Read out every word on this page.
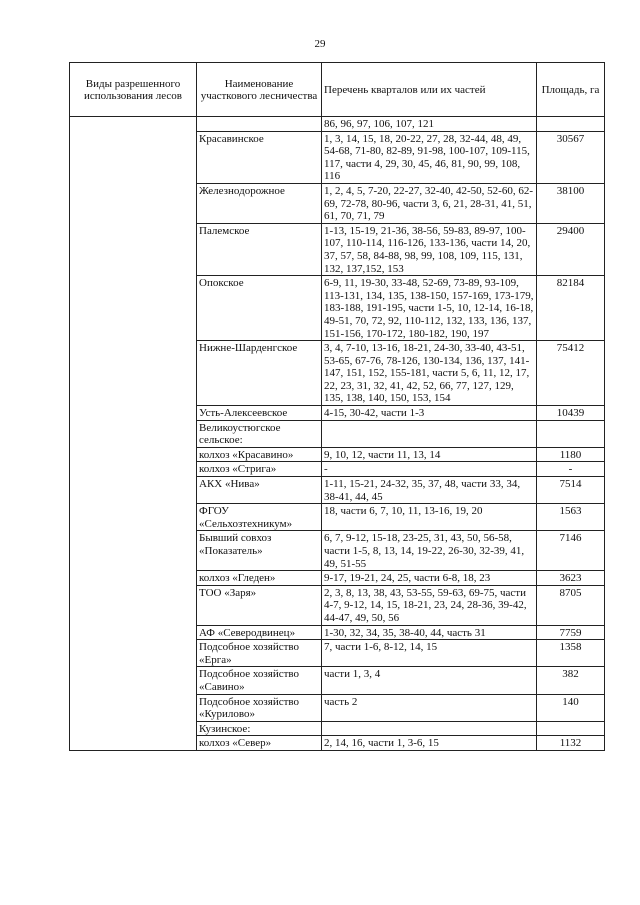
29
Виды разрешенного использования лесов	Наименование участкового лесничества	Перечень кварталов или их частей	Площадь, га
		86, 96, 97, 106, 107, 121	
	Красавинское	1, 3, 14, 15, 18, 20-22, 27, 28, 32-44, 48, 49, 54-68, 71-80, 82-89, 91-98, 100-107, 109-115, 117, части 4, 29, 30, 45, 46, 81, 90, 99, 108, 116	30567
	Железнодорожное	1, 2, 4, 5, 7-20, 22-27, 32-40, 42-50, 52-60, 62-69, 72-78, 80-96, части 3, 6, 21, 28-31, 41, 51, 61, 70, 71, 79	38100
	Палемское	1-13, 15-19, 21-36, 38-56, 59-83, 89-97, 100-107, 110-114, 116-126, 133-136, части 14, 20, 37, 57, 58, 84-88, 98, 99, 108, 109, 115, 131, 132, 137,152, 153	29400
	Опокское	6-9, 11, 19-30, 33-48, 52-69, 73-89, 93-109, 113-131, 134, 135, 138-150, 157-169, 173-179, 183-188, 191-195, части 1-5, 10, 12-14, 16-18, 49-51, 70, 72, 92, 110-112, 132, 133, 136, 137, 151-156, 170-172, 180-182, 190, 197	82184
	Нижне-Шарденгское	3, 4, 7-10, 13-16, 18-21, 24-30, 33-40, 43-51, 53-65, 67-76, 78-126, 130-134, 136, 137, 141-147, 151, 152, 155-181, части 5, 6, 11, 12, 17, 22, 23, 31, 32, 41, 42, 52, 66, 77, 127, 129, 135, 138, 140, 150, 153, 154	75412
	Усть-Алексеевское	4-15, 30-42, части 1-3	10439
	Великоустюгское сельское:		
	колхоз «Красавино»	9, 10, 12, части 11, 13, 14	1180
	колхоз «Стрига»	-	-
	АКХ «Нива»	1-11, 15-21, 24-32, 35, 37, 48, части 33, 34, 38-41, 44, 45	7514
	ФГОУ «Сельхозтехникум»	18, части 6, 7, 10, 11, 13-16, 19, 20	1563
	Бывший совхоз «Показатель»	6, 7, 9-12, 15-18, 23-25, 31, 43, 50, 56-58, части 1-5, 8, 13, 14, 19-22, 26-30, 32-39, 41, 49, 51-55	7146
	колхоз «Гледен»	9-17, 19-21, 24, 25, части 6-8, 18, 23	3623
	ТОО «Заря»	2, 3, 8, 13, 38, 43, 53-55, 59-63, 69-75, части 4-7, 9-12, 14, 15, 18-21, 23, 24, 28-36, 39-42, 44-47, 49, 50, 56	8705
	АФ «Северодвинец»	1-30, 32, 34, 35, 38-40, 44, часть 31	7759
	Подсобное хозяйство «Ерга»	7, части 1-6, 8-12, 14, 15	1358
	Подсобное хозяйство «Савино»	части 1, 3, 4	382
	Подсобное хозяйство «Курилово»	часть 2	140
	Кузинское:		
	колхоз «Север»	2, 14, 16, части 1, 3-6, 15	1132
